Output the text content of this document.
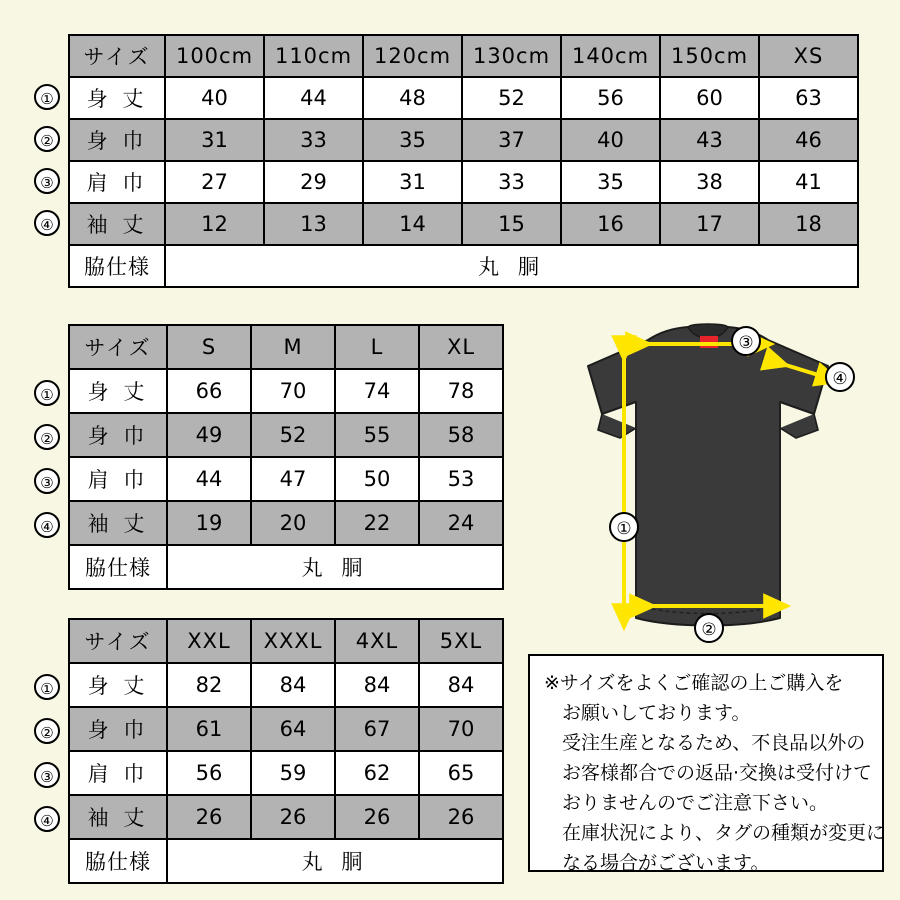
サイズ	100cm	110cm	120cm	130cm	140cm	150cm	XS
身 丈	40	44	48	52	56	60	63
身 巾	31	33	35	37	40	43	46
肩 巾	27	29	31	33	35	38	41
袖 丈	12	13	14	15	16	17	18
脇仕様	丸 胴						
①
②
③
④
サイズ	S	M	L	XL
身 丈	66	70	74	78
身 巾	49	52	55	58
肩 巾	44	47	50	53
袖 丈	19	20	22	24
脇仕様	丸 胴			
①
②
③
④
サイズ	XXL	XXXL	4XL	5XL
身 丈	82	84	84	84
身 巾	61	64	67	70
肩 巾	56	59	62	65
袖 丈	26	26	26	26
脇仕様	丸 胴			
①
②
③
④
③
④
①
②
※サイズをよくご確認の上ご購入を
お願いしております。
受注生産となるため、不良品以外の
お客様都合での返品·交換は受付けて
おりませんのでご注意下さい。
在庫状況により、タグの種類が変更に
なる場合がございます。
